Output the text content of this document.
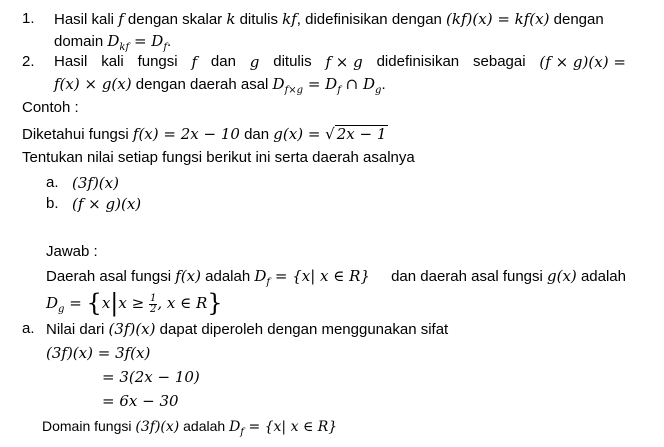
1. Hasil kali f dengan skalar k ditulis kf, didefinisikan dengan (kf)(x) = kf(x) dengan
domain $D_{kf} = D_f$.
2. Hasil kali fungsi f dan g ditulis f × g didefinisikan sebagai (f × g)(x) =
f(x) × g(x) dengan daerah asal $D_{f\times g} = D_f$ ∩ $D_g$.
Contoh :
Diketahui fungsi f(x) = 2x − 10 dan g(x) = √ 2x − 1
Tentukan nilai setiap fungsi berikut ini serta daerah asalnya
a. (3f)(x)
b. (f × g)(x)
Jawab :
Daerah asal fungsi f(x) adalah $D_f = \{x|$ x ∈ R} dan daerah asal fungsi g(x) adalah
$D_g = \{x|x \ge \frac{1}{2}$ , x ∈ R}
a. Nilai dari (3f)(x) dapat diperoleh dengan menggunakan sifat
(3f)(x) = 3f(x)
= 3(2x − 10)
= 6x − 30
Domain fungsi (3f)(x) adalah $D_f = \{x|$ x ∈ R}
